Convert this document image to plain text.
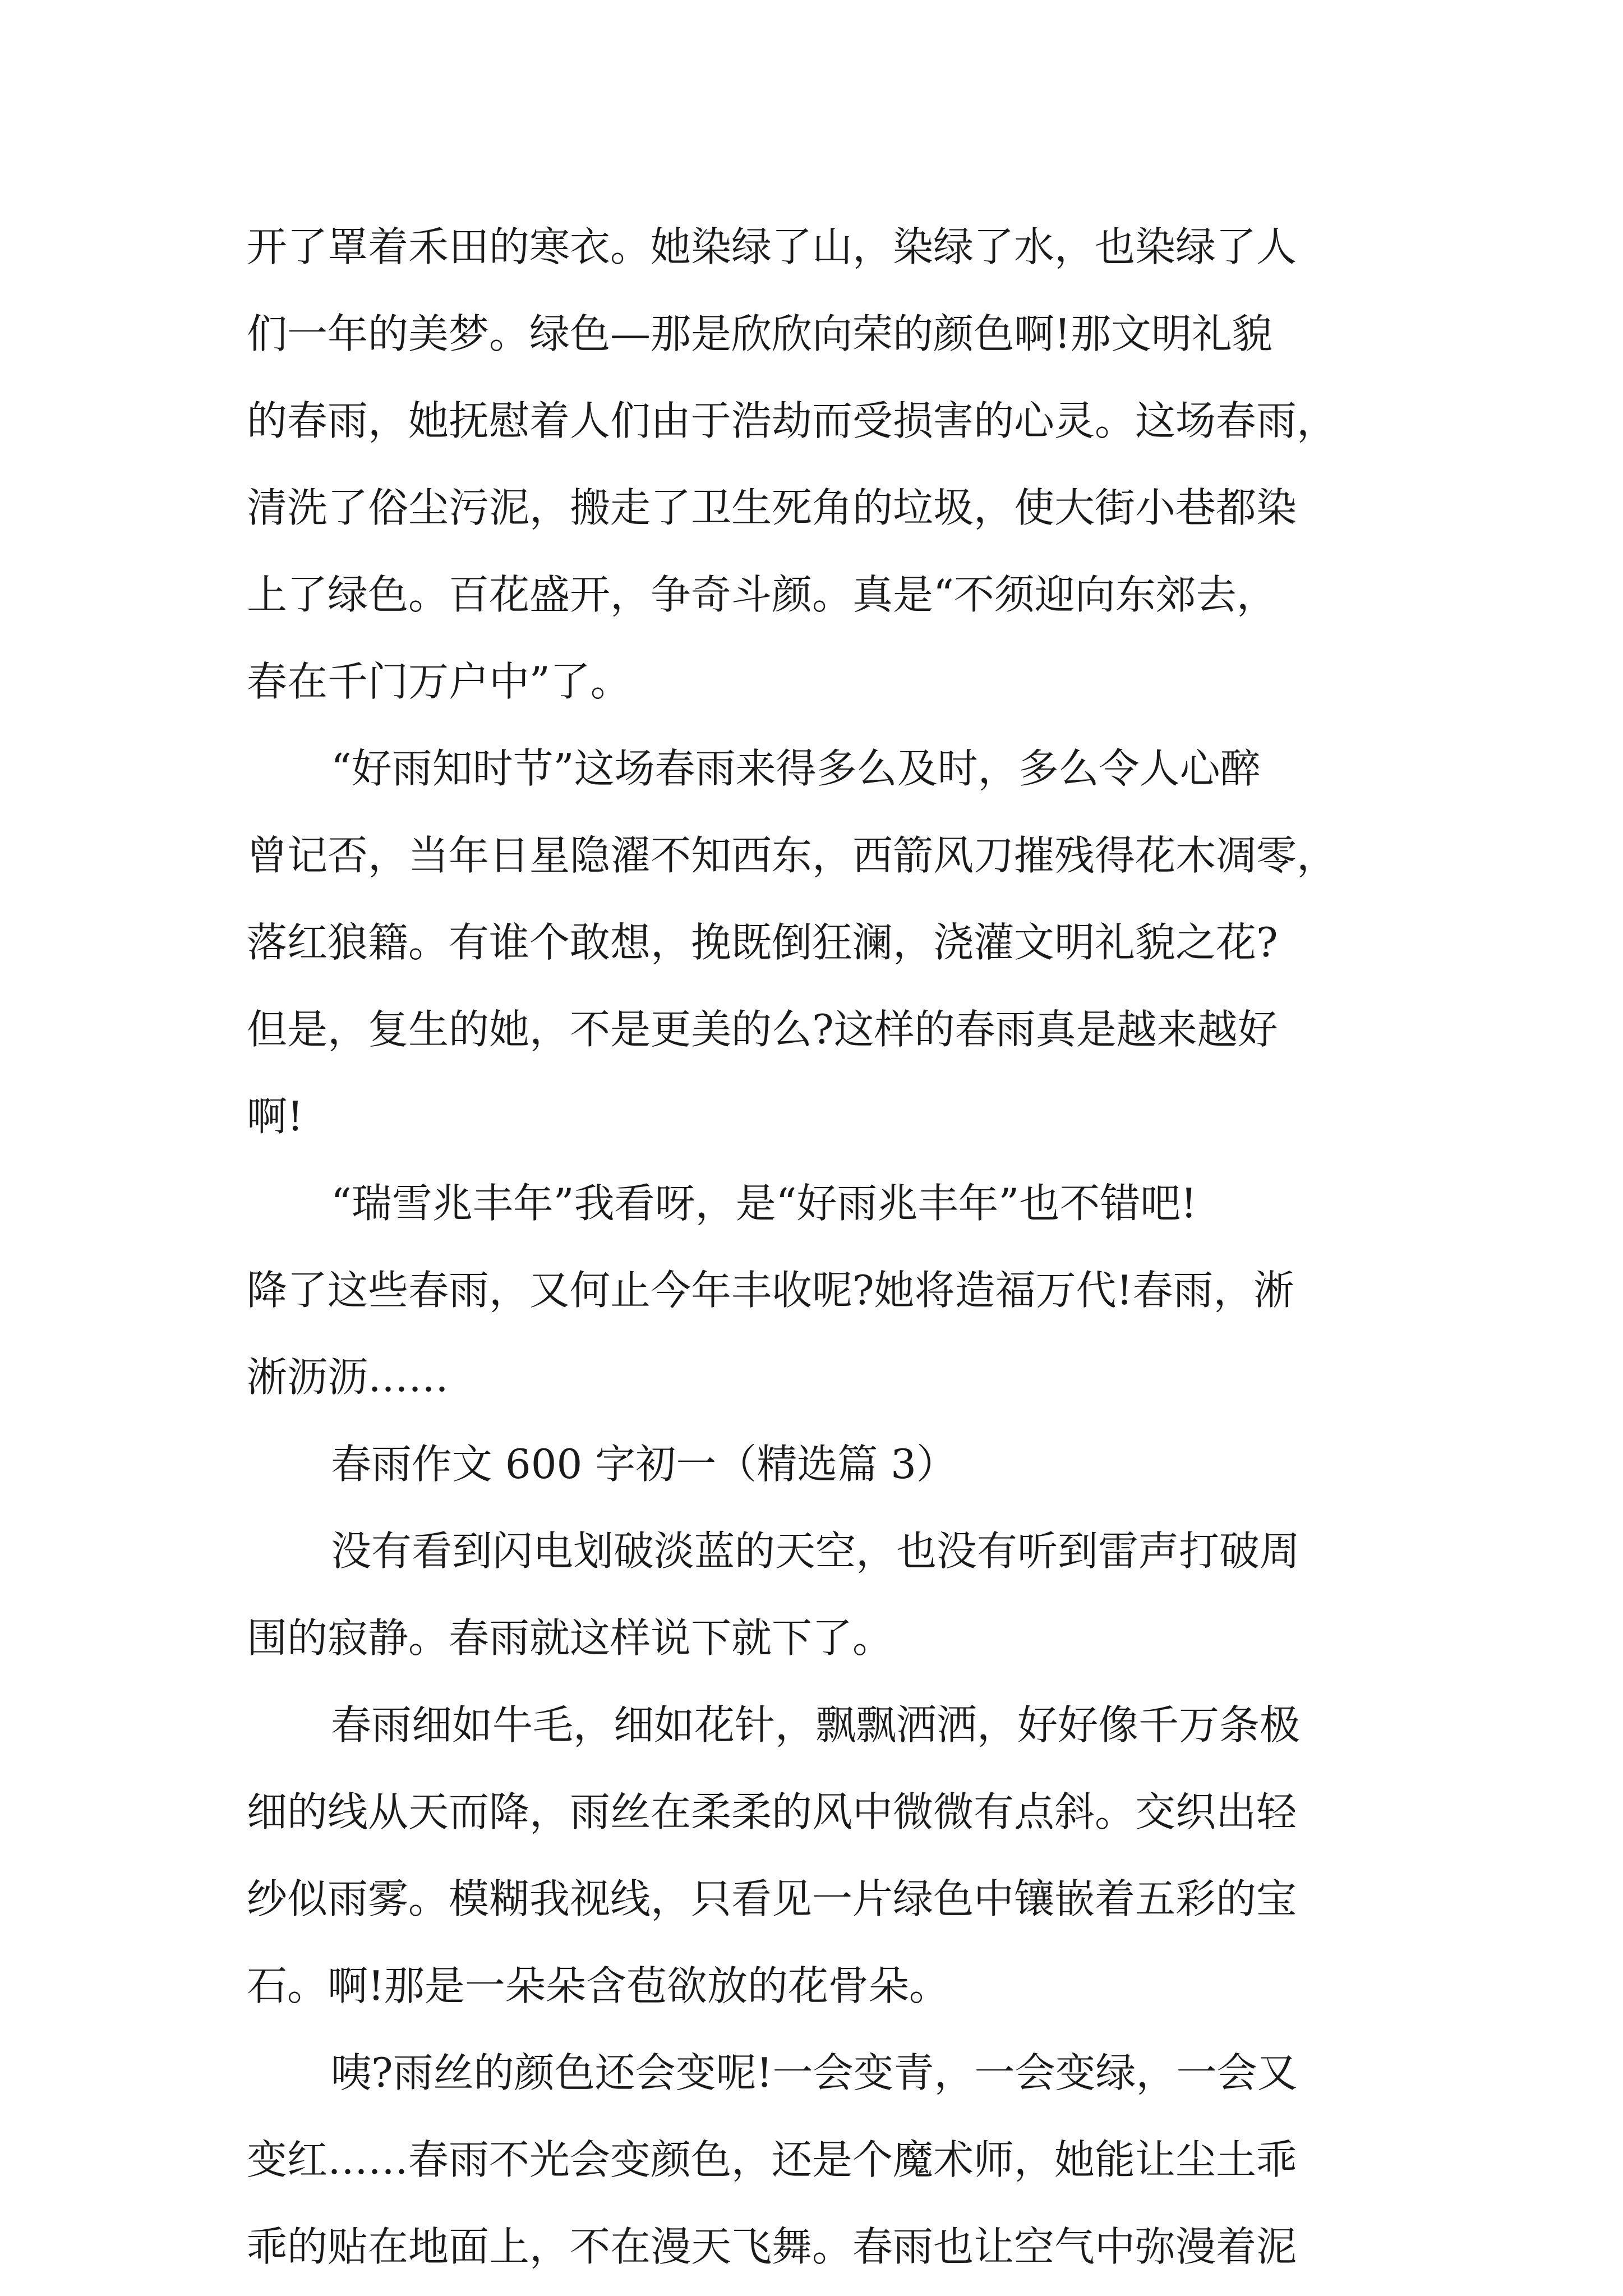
开了罩着禾田的寒衣。她染绿了山，染绿了水，也染绿了人
们一年的美梦。绿色—那是欣欣向荣的颜色啊!那文明礼貌
的春雨，她抚慰着人们由于浩劫而受损害的心灵。这场春雨，
清洗了俗尘污泥，搬走了卫生死角的垃圾，使大街小巷都染
上了绿色。百花盛开，争奇斗颜。真是“不须迎向东郊去，
春在千门万户中”了。
“好雨知时节”这场春雨来得多么及时，多么令人心醉
曾记否，当年日星隐濯不知西东，西箭风刀摧残得花木凋零，
落红狼籍。有谁个敢想，挽既倒狂澜，浇灌文明礼貌之花?
但是，复生的她，不是更美的么?这样的春雨真是越来越好
啊!
“瑞雪兆丰年”我看呀，是“好雨兆丰年”也不错吧!
降了这些春雨，又何止今年丰收呢?她将造福万代!春雨，淅
淅沥沥……
春雨作文 600 字初一（精选篇 3）
没有看到闪电划破淡蓝的天空，也没有听到雷声打破周
围的寂静。春雨就这样说下就下了。
春雨细如牛毛，细如花针，飘飘洒洒，好好像千万条极
细的线从天而降，雨丝在柔柔的风中微微有点斜。交织出轻
纱似雨雾。模糊我视线，只看见一片绿色中镶嵌着五彩的宝
石。啊!那是一朵朵含苞欲放的花骨朵。
咦?雨丝的颜色还会变呢!一会变青，一会变绿，一会又
变红……春雨不光会变颜色，还是个魔术师，她能让尘土乖
乖的贴在地面上，不在漫天飞舞。春雨也让空气中弥漫着泥
